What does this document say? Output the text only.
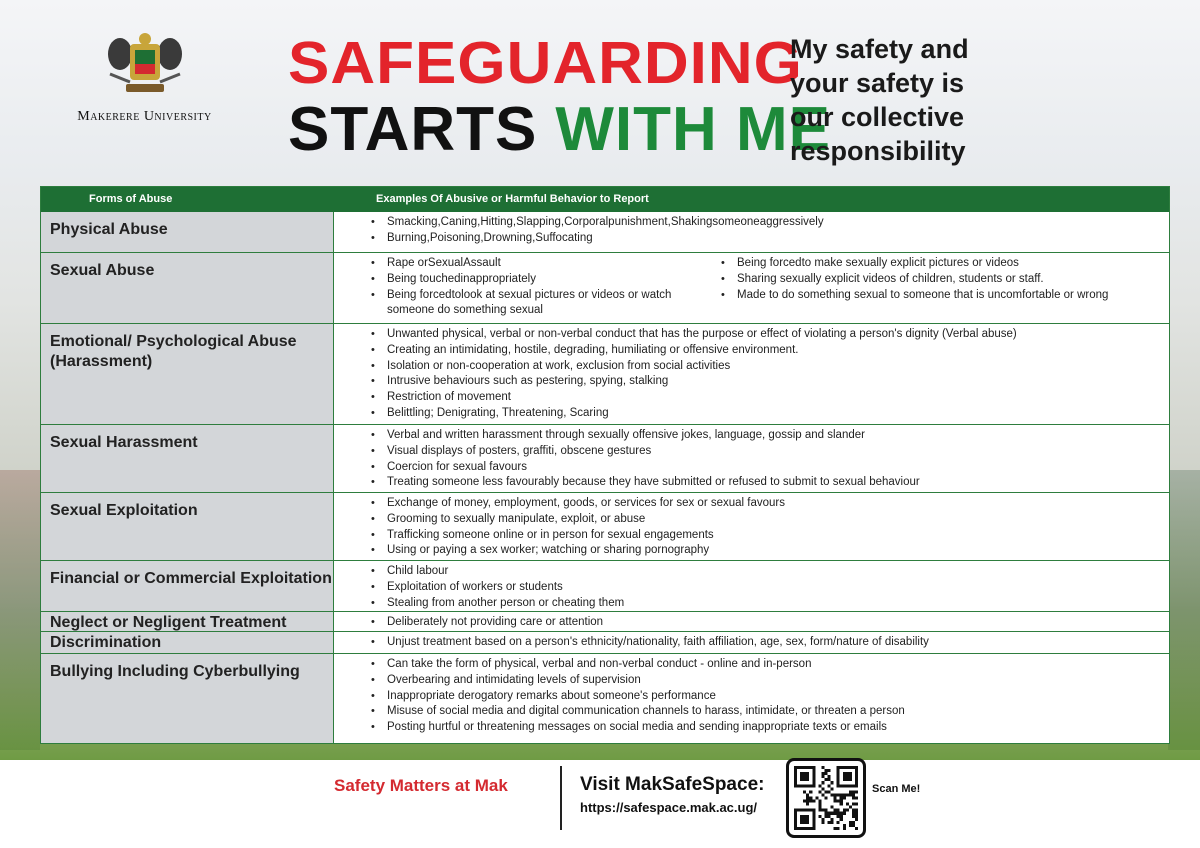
Makerere University
SAFEGUARDING
STARTS WITH ME
My safety and your safety is our collective responsibility
Forms of Abuse	Examples Of Abusive or Harmful Behavior to Report
Physical Abuse	• Smacking,Caning,Hitting,Slapping,Corporalpunishment,Shakingsomeoneaggressively
• Burning,Poisoning,Drowning,Suffocating
Sexual Abuse	• Rape orSexualAssault
• Being touchedinappropriately
• Being forcedtolook at sexual pictures or videos or watch someone do something sexual
• Being forcedto make sexually explicit pictures or videos
• Sharing sexually explicit videos of children, students or staff.
• Made to do something sexual to someone that is uncomfortable or wrong
Emotional/ Psychological Abuse (Harassment)
• Unwanted physical, verbal or non-verbal conduct that has the purpose or effect of violating a person's dignity (Verbal abuse)
• Creating an intimidating, hostile, degrading, humiliating or offensive environment.
• Isolation or non-cooperation at work, exclusion from social activities
• Intrusive behaviours such as pestering, spying, stalking
• Restriction of movement
• Belittling; Denigrating, Threatening, Scaring
Sexual Harassment	• Verbal and written harassment through sexually offensive jokes, language, gossip and slander
• Visual displays of posters, graffiti, obscene gestures
• Coercion for sexual favours
• Treating someone less favourably because they have submitted or refused to submit to sexual behaviour
Sexual Exploitation	• Exchange of money, employment, goods, or services for sex or sexual favours
• Grooming to sexually manipulate, exploit, or abuse
• Trafficking someone online or in person for sexual engagements
• Using or paying a sex worker; watching or sharing pornography
Financial or Commercial Exploitation	• Child labour
• Exploitation of workers or students
• Stealing from another person or cheating them
Neglect or Negligent Treatment	• Deliberately not providing care or attention
Discrimination	• Unjust treatment based on a person's ethnicity/nationality, faith affiliation, age, sex, form/nature of disability
Bullying Including Cyberbullying	• Can take the form of physical, verbal and non-verbal conduct - online and in-person
• Overbearing and intimidating levels of supervision
• Inappropriate derogatory remarks about someone's performance
• Misuse of social media and digital communication channels to harass, intimidate, or threaten a person
• Posting hurtful or threatening messages on social media and sending inappropriate texts or emails
Safety Matters at Mak	Visit MakSafeSpace:
https://safespace.mak.ac.ug/
Scan Me!
